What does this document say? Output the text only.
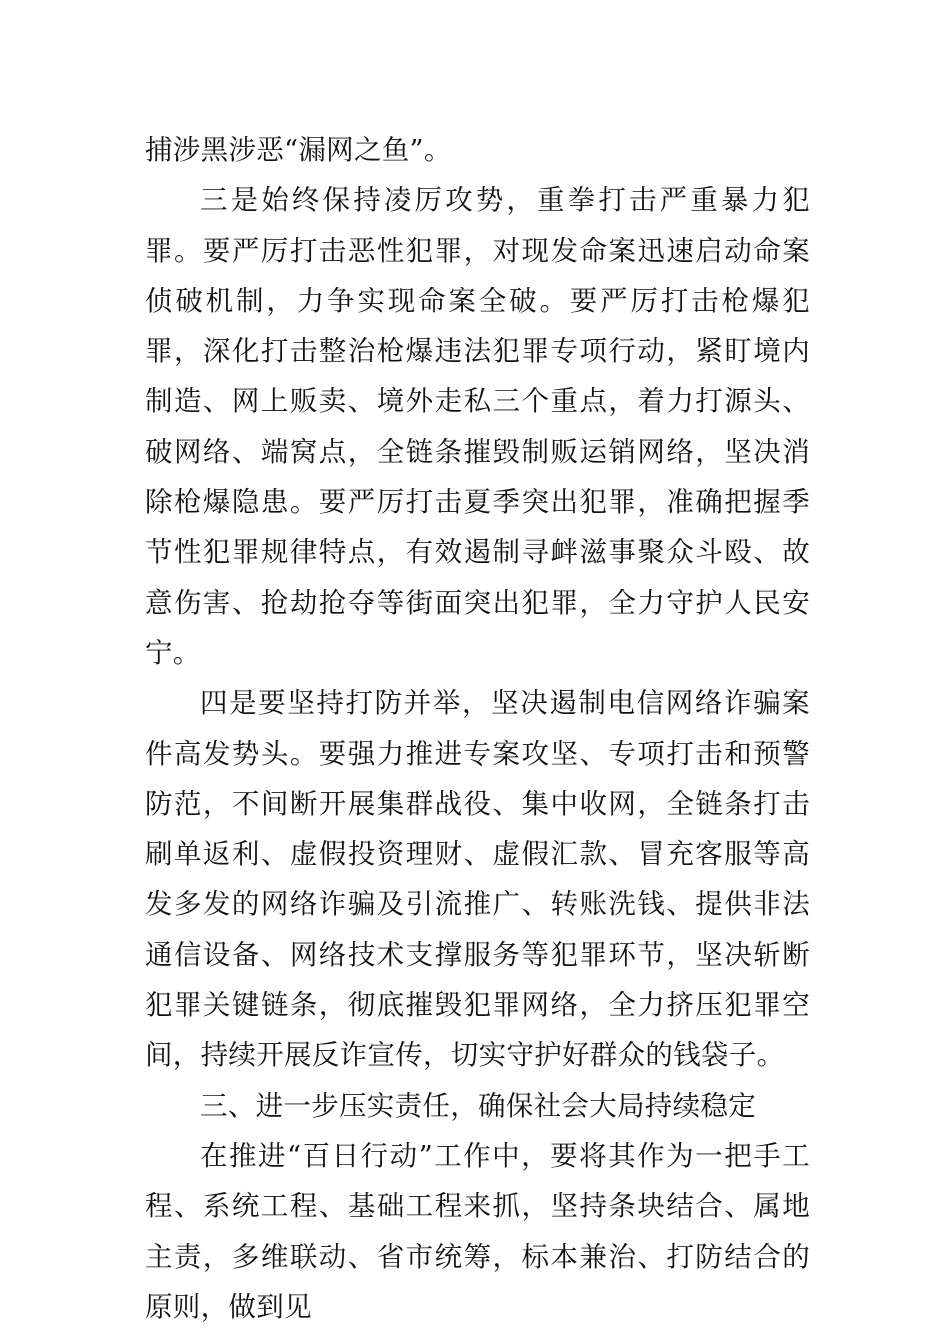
捕涉黑涉恶“漏网之鱼”。

三是始终保持凌厉攻势，重拳打击严重暴力犯罪。要严厉打击恶性犯罪，对现发命案迅速启动命案侦破机制，力争实现命案全破。要严厉打击枪爆犯罪，深化打击整治枪爆违法犯罪专项行动，紧盯境内制造、网上贩卖、境外走私三个重点，着力打源头、破网络、端窝点，全链条摧毁制贩运销网络，坚决消除枪爆隐患。要严厉打击夏季突出犯罪，准确把握季节性犯罪规律特点，有效遏制寻衅滋事聚众斗殴、故意伤害、抢劫抢夺等街面突出犯罪，全力守护人民安宁。

四是要坚持打防并举，坚决遏制电信网络诈骗案件高发势头。要强力推进专案攻坚、专项打击和预警防范，不间断开展集群战役、集中收网，全链条打击刷单返利、虚假投资理财、虚假汇款、冒充客服等高发多发的网络诈骗及引流推广、转账洗钱、提供非法通信设备、网络技术支撑服务等犯罪环节，坚决斩断犯罪关键链条，彻底摧毁犯罪网络，全力挤压犯罪空间，持续开展反诈宣传，切实守护好群众的钱袋子。

三、进一步压实责任，确保社会大局持续稳定

在推进“百日行动”工作中，要将其作为一把手工程、系统工程、基础工程来抓，坚持条块结合、属地主责，多维联动、省市统筹，标本兼治、打防结合的原则，做到见
